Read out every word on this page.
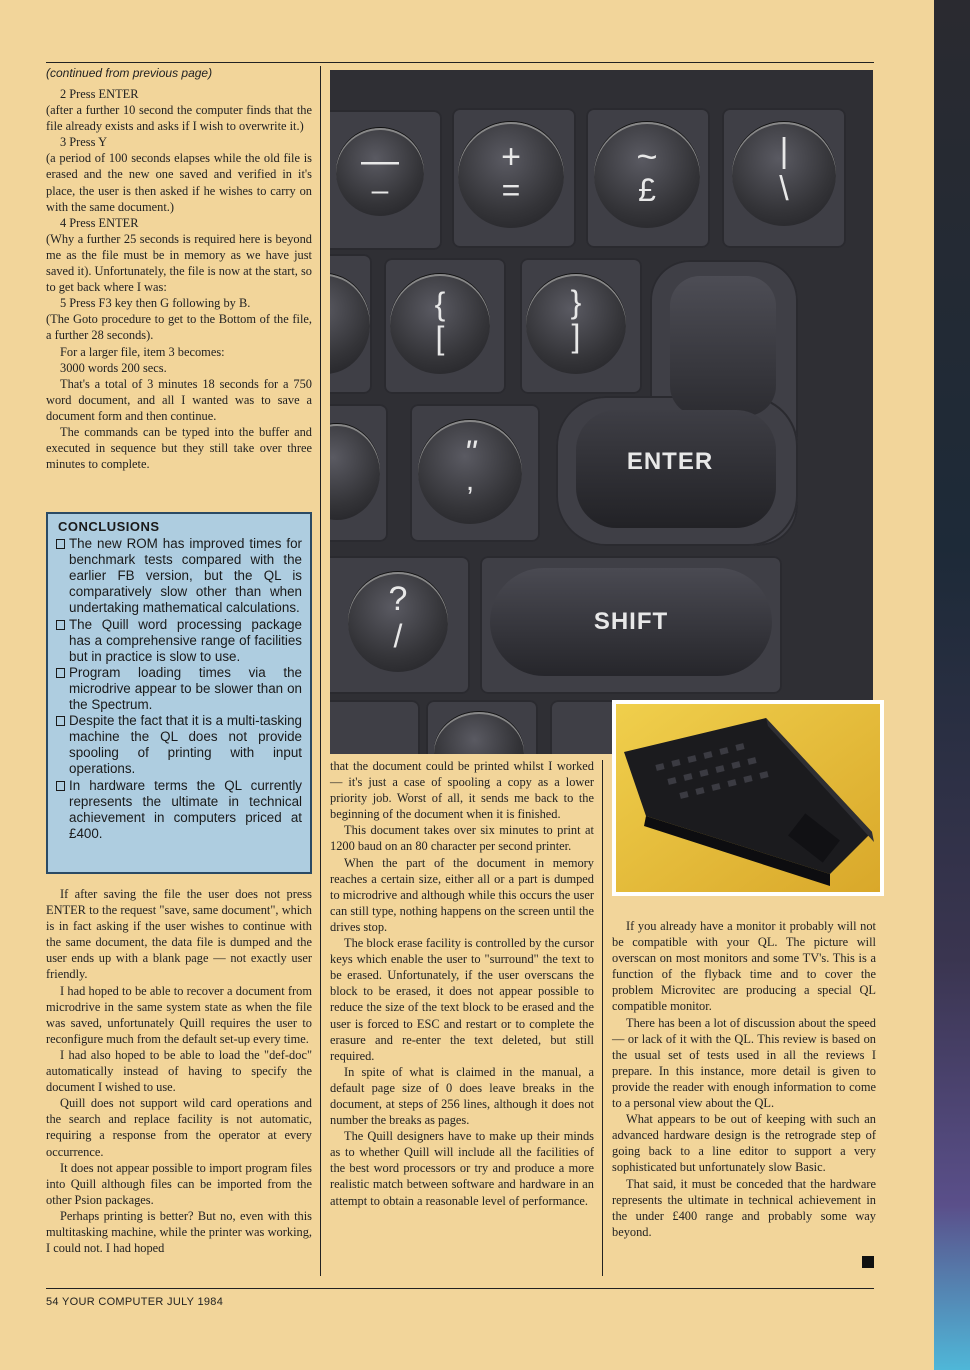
(continued from previous page)

2 Press ENTER

(after a further 10 second the computer finds that the file already exists and asks if I wish to overwrite it.)

3 Press Y

(a period of 100 seconds elapses while the old file is erased and the new one saved and verified in it's place, the user is then asked if he wishes to carry on with the same document.)

4 Press ENTER

(Why a further 25 seconds is required here is beyond me as the file must be in memory as we have just saved it). Unfortunately, the file is now at the start, so to get back where I was:

5 Press F3 key then G following by B.

(The Goto procedure to get to the Bottom of the file, a further 28 seconds).

For a larger file, item 3 becomes:

3000 words 200 secs.

That's a total of 3 minutes 18 seconds for a 750 word document, and all I wanted was to save a document form and then continue.

The commands can be typed into the buffer and executed in sequence but they still take over three minutes to complete.

CONCLUSIONS
The new ROM has improved times for benchmark tests compared with the earlier FB version, but the QL is comparatively slow other than when undertaking mathematical calculations.
The Quill word processing package has a comprehensive range of facilities but in practice is slow to use.
Program loading times via the microdrive appear to be slower than on the Spectrum.
Despite the fact that it is a multi-tasking machine the QL does not provide spooling of printing with input operations.
In hardware terms the QL currently represents the ultimate in technical achievement in computers priced at £400.

If after saving the file the user does not press ENTER to the request "save, same document", which is in fact asking if the user wishes to continue with the same document, the data file is dumped and the user ends up with a blank page — not exactly user friendly.

I had hoped to be able to recover a document from microdrive in the same system state as when the file was saved, unfortunately Quill requires the user to reconfigure much from the default set-up every time.

I had also hoped to be able to load the "def-doc" automatically instead of having to specify the document I wished to use.

Quill does not support wild card operations and the search and replace facility is not automatic, requiring a response from the operator at every occurrence.

It does not appear possible to import program files into Quill although files can be imported from the other Psion packages.

Perhaps printing is better? But no, even with this multitasking machine, while the printer was working, I could not. I had hoped

—
–
+
=
~
£
|
\
{
[
}
]
ENTER
"
,
?
/	SHIFT

that the document could be printed whilst I worked — it's just a case of spooling a copy as a lower priority job. Worst of all, it sends me back to the beginning of the document when it is finished.

This document takes over six minutes to print at 1200 baud on an 80 character per second printer.

When the part of the document in memory reaches a certain size, either all or a part is dumped to microdrive and although while this occurs the user can still type, nothing happens on the screen until the drives stop.

The block erase facility is controlled by the cursor keys which enable the user to "surround" the text to be erased. Unfortunately, if the user overscans the block to be erased, it does not appear possible to reduce the size of the text block to be erased and the user is forced to ESC and restart or to complete the erasure and re-enter the text deleted, but still required.

In spite of what is claimed in the manual, a default page size of 0 does leave breaks in the document, at steps of 256 lines, although it does not number the breaks as pages.

The Quill designers have to make up their minds as to whether Quill will include all the facilities of the best word processors or try and produce a more realistic match between software and hardware in an attempt to obtain a reasonable level of performance.

If you already have a monitor it probably will not be compatible with your QL. The picture will overscan on most monitors and some TV's. This is a function of the flyback time and to cover the problem Microvitec are producing a special QL compatible monitor.

There has been a lot of discussion about the speed — or lack of it with the QL. This review is based on the usual set of tests used in all the reviews I prepare. In this instance, more detail is given to provide the reader with enough information to come to a personal view about the QL.

What appears to be out of keeping with such an advanced hardware design is the retrograde step of going back to a line editor to support a very sophisticated but unfortunately slow Basic.

That said, it must be conceded that the hardware represents the ultimate in technical achievement in the under £400 range and probably some way beyond.

54 YOUR COMPUTER JULY 1984
